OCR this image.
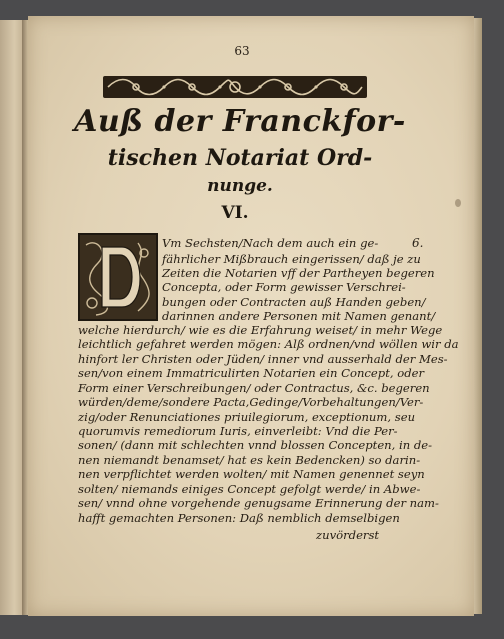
63
Auß der Franckfor-
tischen Notariat Ord-
nunge.
VI.
6.
Vm Sechsten/Nach dem auch ein ge-
fährlicher Mißbrauch eingerissen/ daß je zu
Zeiten die Notarien vff der Partheyen begeren
Concepta, oder Form gewisser Verschrei-
bungen oder Contracten auß Handen geben/
darinnen andere Personen mit Namen genant/
welche hierdurch/ wie es die Erfahrung weiset/ in mehr Wege
leichtlich gefahret werden mögen: Alß ordnen/vnd wöllen wir da
hinfort ler Christen oder Jüden/ inner vnd ausserhald der Mes-
sen/von einem Immatriculirten Notarien ein Concept, oder
Form einer Verschreibungen/ oder Contractus, &c. begeren
würden/deme/sondere Pacta,Gedinge/Vorbehaltungen/Ver-
zig/oder Renunciationes priuilegiorum, exceptionum, seu
quorumvis remediorum Iuris, einverleibt: Vnd die Per-
sonen/ (dann mit schlechten vnnd blossen Concepten, in de-
nen niemandt benamset/ hat es kein Bedencken) so darin-
nen verpflichtet werden wolten/ mit Namen genennet seyn
solten/ niemands einiges Concept gefolgt werde/ in Abwe-
sen/ vnnd ohne vorgehende genugsame Erinnerung der nam-
hafft gemachten Personen: Daß nemblich demselbigen
zuvörderst
